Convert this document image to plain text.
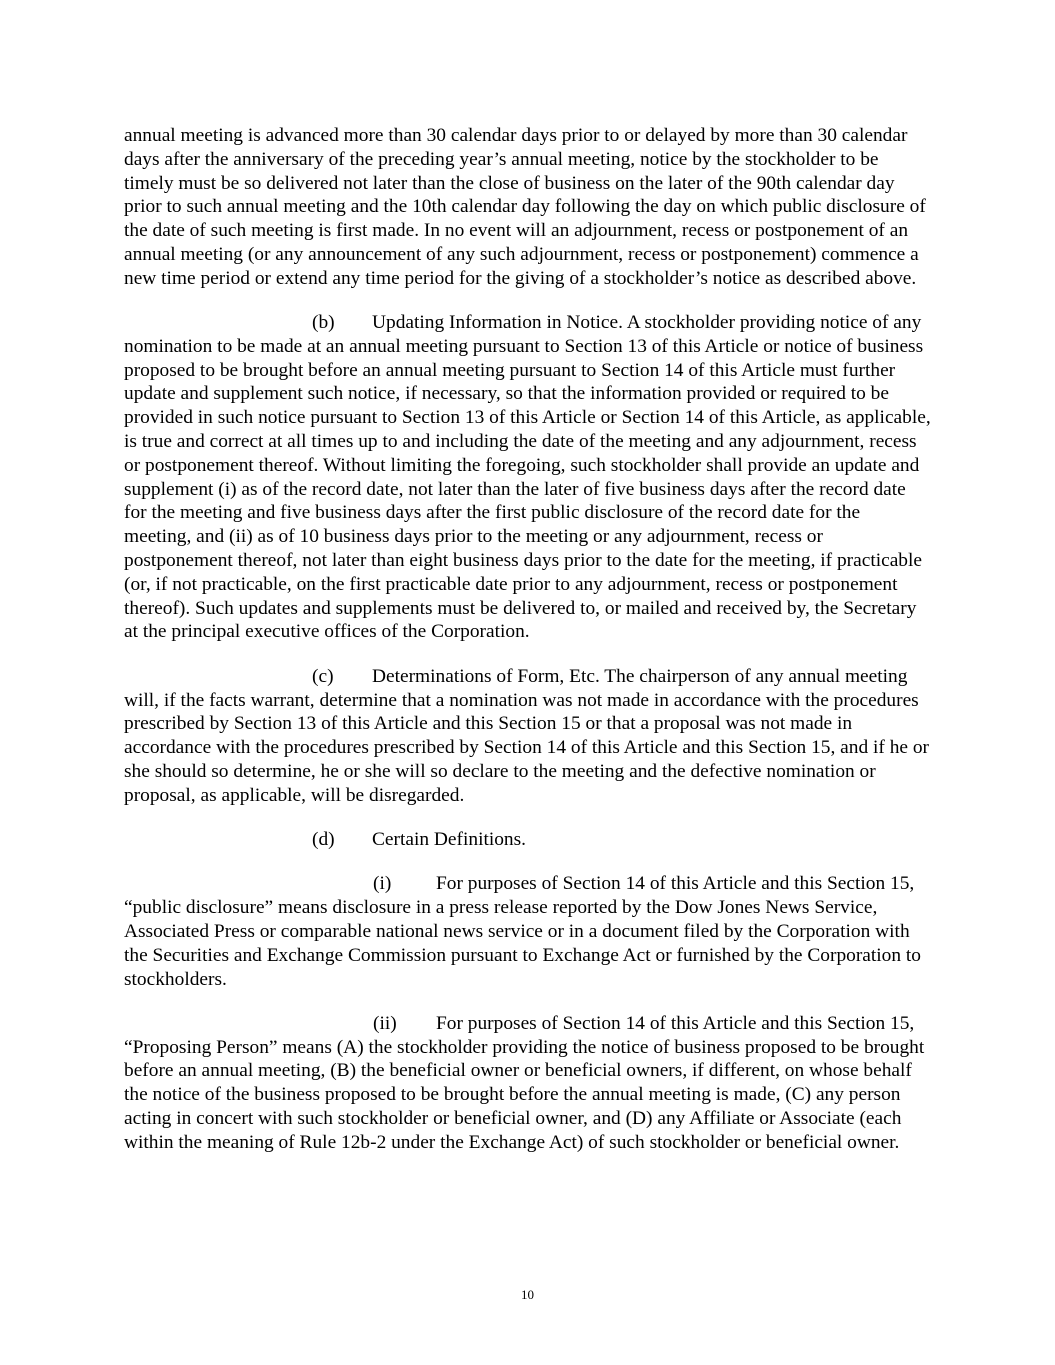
annual meeting is advanced more than 30 calendar days prior to or delayed by more than 30 calendar days after the anniversary of the preceding year’s annual meeting, notice by the stockholder to be timely must be so delivered not later than the close of business on the later of the 90th calendar day prior to such annual meeting and the 10th calendar day following the day on which public disclosure of the date of such meeting is first made. In no event will an adjournment, recess or postponement of an annual meeting (or any announcement of any such adjournment, recess or postponement) commence a new time period or extend any time period for the giving of a stockholder’s notice as described above.

(b) Updating Information in Notice. A stockholder providing notice of any nomination to be made at an annual meeting pursuant to Section 13 of this Article or notice of business proposed to be brought before an annual meeting pursuant to Section 14 of this Article must further update and supplement such notice, if necessary, so that the information provided or required to be provided in such notice pursuant to Section 13 of this Article or Section 14 of this Article, as applicable, is true and correct at all times up to and including the date of the meeting and any adjournment, recess or postponement thereof. Without limiting the foregoing, such stockholder shall provide an update and supplement (i) as of the record date, not later than the later of five business days after the record date for the meeting and five business days after the first public disclosure of the record date for the meeting, and (ii) as of 10 business days prior to the meeting or any adjournment, recess or postponement thereof, not later than eight business days prior to the date for the meeting, if practicable (or, if not practicable, on the first practicable date prior to any adjournment, recess or postponement thereof). Such updates and supplements must be delivered to, or mailed and received by, the Secretary at the principal executive offices of the Corporation.

(c) Determinations of Form, Etc. The chairperson of any annual meeting will, if the facts warrant, determine that a nomination was not made in accordance with the procedures prescribed by Section 13 of this Article and this Section 15 or that a proposal was not made in accordance with the procedures prescribed by Section 14 of this Article and this Section 15, and if he or she should so determine, he or she will so declare to the meeting and the defective nomination or proposal, as applicable, will be disregarded.

(d) Certain Definitions.

(i) For purposes of Section 14 of this Article and this Section 15, “public disclosure” means disclosure in a press release reported by the Dow Jones News Service, Associated Press or comparable national news service or in a document filed by the Corporation with the Securities and Exchange Commission pursuant to Exchange Act or furnished by the Corporation to stockholders.

(ii) For purposes of Section 14 of this Article and this Section 15, “Proposing Person” means (A) the stockholder providing the notice of business proposed to be brought before an annual meeting, (B) the beneficial owner or beneficial owners, if different, on whose behalf the notice of the business proposed to be brought before the annual meeting is made, (C) any person acting in concert with such stockholder or beneficial owner, and (D) any Affiliate or Associate (each within the meaning of Rule 12b-2 under the Exchange Act) of such stockholder or beneficial owner.

10
